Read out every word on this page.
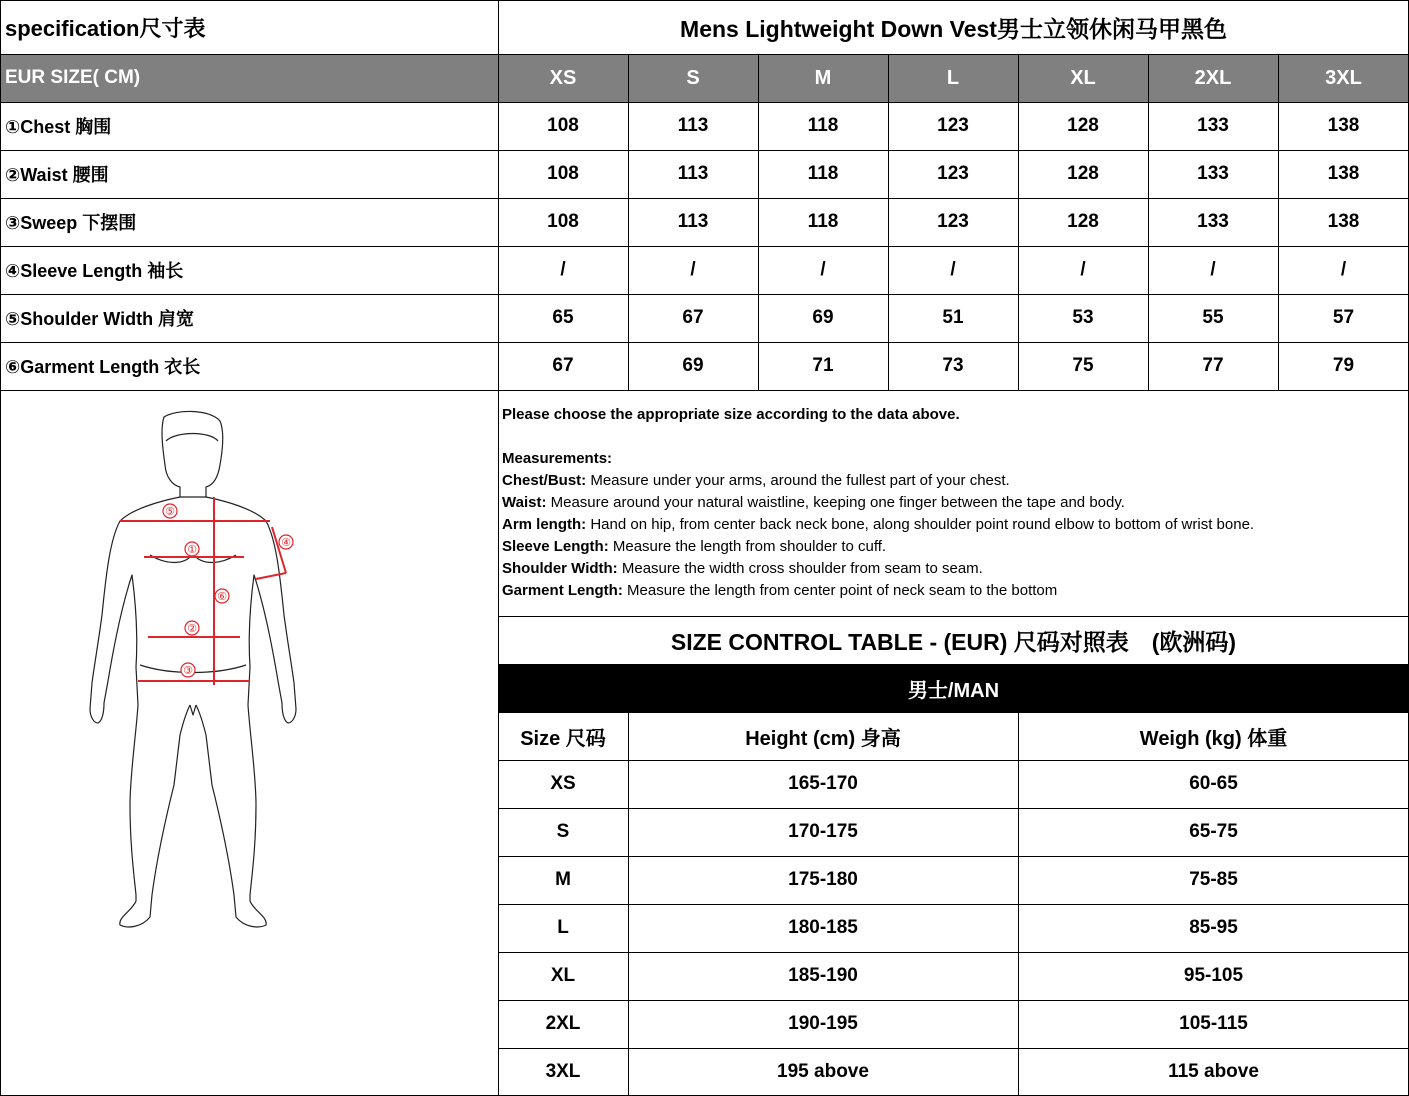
specification尺寸表	Mens Lightweight Down Vest男士立领休闲马甲黑色
EUR SIZE( CM)	XS	S	M	L	XL	2XL	3XL
①Chest 胸围	108	113	118	123	128	133	138
②Waist 腰围	108	113	118	123	128	133	138
③Sweep 下摆围	108	113	118	123	128	133	138
④Sleeve Length 袖长	/	/	/	/	/	/	/
⑤Shoulder Width 肩宽	65	67	69	51	53	55	57
⑥Garment Length 衣长	67	69	71	73	75	77	79
⑤
①
④
⑥
②
③
Please choose the appropriate size according to the data above.

Measurements:
Chest/Bust: Measure under your arms, around the fullest part of your chest.
Waist: Measure around your natural waistline, keeping one finger between the tape and body.
Arm length: Hand on hip, from center back neck bone, along shoulder point round elbow to bottom of wrist bone.
Sleeve Length: Measure the length from shoulder to cuff.
Shoulder Width: Measure the width cross shoulder from seam to seam.
Garment Length: Measure the length from center point of neck seam to the bottom
SIZE CONTROL TABLE - (EUR) 尺码对照表　(欧洲码)
男士/MAN
Size 尺码	Height (cm) 身高	Weigh (kg) 体重
XS	165-170	60-65
S	170-175	65-75
M	175-180	75-85
L	180-185	85-95
XL	185-190	95-105
2XL	190-195	105-115
3XL	195 above	115 above
